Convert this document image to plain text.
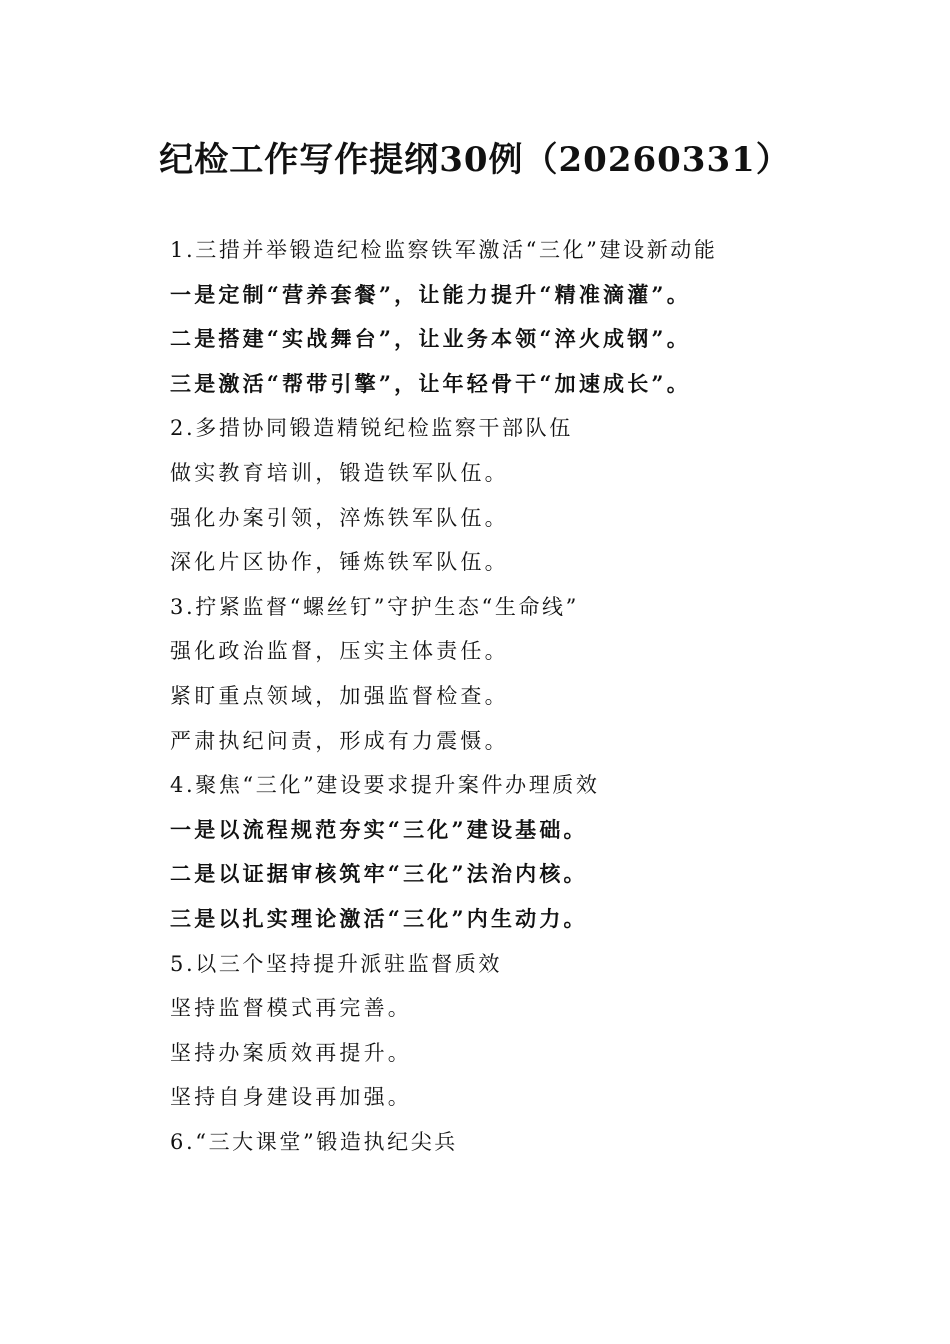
纪检工作写作提纲30例（20260331）
1.三措并举锻造纪检监察铁军激活“三化”建设新动能
一是定制“营养套餐”，让能力提升“精准滴灌”。
二是搭建“实战舞台”，让业务本领“淬火成钢”。
三是激活“帮带引擎”，让年轻骨干“加速成长”。
2.多措协同锻造精锐纪检监察干部队伍
做实教育培训，锻造铁军队伍。
强化办案引领，淬炼铁军队伍。
深化片区协作，锤炼铁军队伍。
3.拧紧监督“螺丝钉”守护生态“生命线”
强化政治监督，压实主体责任。
紧盯重点领域，加强监督检查。
严肃执纪问责，形成有力震慑。
4.聚焦“三化”建设要求提升案件办理质效
一是以流程规范夯实“三化”建设基础。
二是以证据审核筑牢“三化”法治内核。
三是以扎实理论激活“三化”内生动力。
5.以三个坚持提升派驻监督质效
坚持监督模式再完善。
坚持办案质效再提升。
坚持自身建设再加强。
6.“三大课堂”锻造执纪尖兵
